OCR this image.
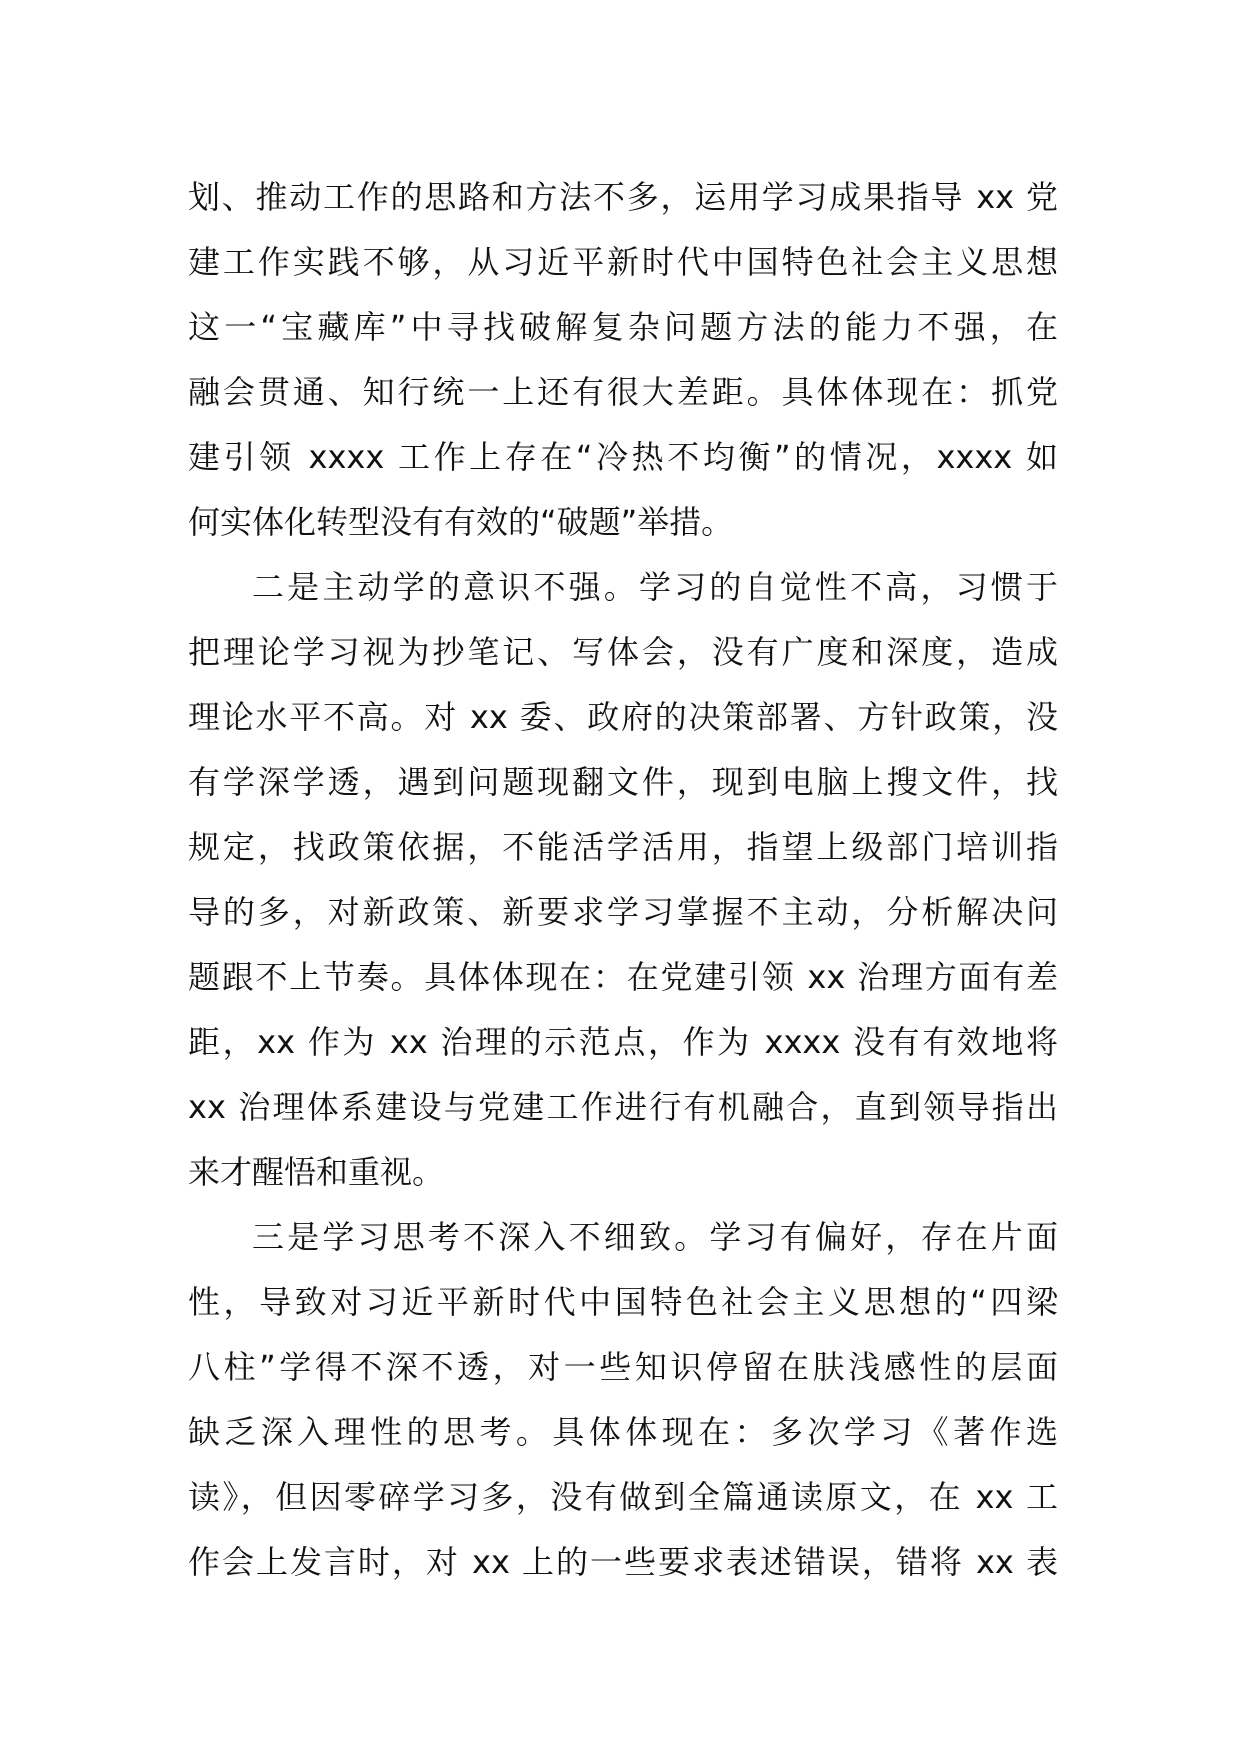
划、推动工作的思路和方法不多，运用学习成果指导 xx 党
建工作实践不够，从习近平新时代中国特色社会主义思想
这一“宝藏库”中寻找破解复杂问题方法的能力不强，在
融会贯通、知行统一上还有很大差距。具体体现在：抓党
建引领 xxxx 工作上存在“冷热不均衡”的情况，xxxx 如
何实体化转型没有有效的“破题”举措。
二是主动学的意识不强。学习的自觉性不高，习惯于
把理论学习视为抄笔记、写体会，没有广度和深度，造成
理论水平不高。对 xx 委、政府的决策部署、方针政策，没
有学深学透，遇到问题现翻文件，现到电脑上搜文件，找
规定，找政策依据，不能活学活用，指望上级部门培训指
导的多，对新政策、新要求学习掌握不主动，分析解决问
题跟不上节奏。具体体现在：在党建引领 xx 治理方面有差
距，xx 作为 xx 治理的示范点，作为 xxxx 没有有效地将
xx 治理体系建设与党建工作进行有机融合，直到领导指出
来才醒悟和重视。
三是学习思考不深入不细致。学习有偏好，存在片面
性，导致对习近平新时代中国特色社会主义思想的“四梁
八柱”学得不深不透，对一些知识停留在肤浅感性的层面
缺乏深入理性的思考。具体体现在：多次学习《著作选
读》，但因零碎学习多，没有做到全篇通读原文，在 xx 工
作会上发言时，对 xx 上的一些要求表述错误，错将 xx 表
